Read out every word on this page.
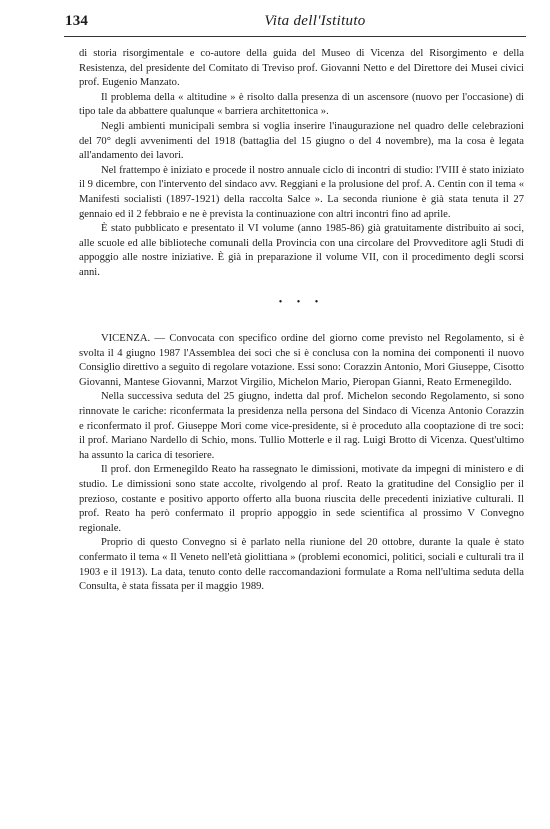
134	Vita dell'Istituto

di storia risorgimentale e co-autore della guida del Museo di Vicenza del Risorgimento e della Resistenza, del presidente del Comitato di Treviso prof. Giovanni Netto e del Direttore dei Musei civici prof. Eugenio Manzato.

Il problema della « altitudine » è risolto dalla presenza di un ascensore (nuovo per l'occasione) di tipo tale da abbattere qualunque « barriera architettonica ».

Negli ambienti municipali sembra si voglia inserire l'inaugurazione nel quadro delle celebrazioni del 70° degli avvenimenti del 1918 (battaglia del 15 giugno o del 4 novembre), ma la cosa è legata all'andamento dei lavori.

Nel frattempo è iniziato e procede il nostro annuale ciclo di incontri di studio: l'VIII è stato iniziato il 9 dicembre, con l'intervento del sindaco avv. Reggiani e la prolusione del prof. A. Centin con il tema « Manifesti socialisti (1897-1921) della raccolta Salce ». La seconda riunione è già stata tenuta il 27 gennaio ed il 2 febbraio e ne è prevista la continuazione con altri incontri fino ad aprile.

È stato pubblicato e presentato il VI volume (anno 1985-86) già gratuitamente distribuito ai soci, alle scuole ed alle biblioteche comunali della Provincia con una circolare del Provveditore agli Studi di appoggio alle nostre iniziative. È già in preparazione il volume VII, con il procedimento degli scorsi anni.

• • •

VICENZA. — Convocata con specifico ordine del giorno come previsto nel Regolamento, si è svolta il 4 giugno 1987 l'Assemblea dei soci che si è conclusa con la nomina dei componenti il nuovo Consiglio direttivo a seguito di regolare votazione. Essi sono: Corazzin Antonio, Mori Giuseppe, Cisotto Giovanni, Mantese Giovanni, Marzot Virgilio, Michelon Mario, Pieropan Gianni, Reato Ermenegildo.

Nella successiva seduta del 25 giugno, indetta dal prof. Michelon secondo Regolamento, si sono rinnovate le cariche: riconfermata la presidenza nella persona del Sindaco di Vicenza Antonio Corazzin e riconfermato il prof. Giuseppe Mori come vice-presidente, si è proceduto alla cooptazione di tre soci: il prof. Mariano Nardello di Schio, mons. Tullio Motterle e il rag. Luigi Brotto di Vicenza. Quest'ultimo ha assunto la carica di tesoriere.

Il prof. don Ermenegildo Reato ha rassegnato le dimissioni, motivate da impegni di ministero e di studio. Le dimissioni sono state accolte, rivolgendo al prof. Reato la gratitudine del Consiglio per il prezioso, costante e positivo apporto offerto alla buona riuscita delle precedenti iniziative culturali. Il prof. Reato ha però confermato il proprio appoggio in sede scientifica al prossimo V Convegno regionale.

Proprio di questo Convegno si è parlato nella riunione del 20 ottobre, durante la quale è stato confermato il tema « Il Veneto nell'età giolittiana » (problemi economici, politici, sociali e culturali tra il 1903 e il 1913). La data, tenuto conto delle raccomandazioni formulate a Roma nell'ultima seduta della Consulta, è stata fissata per il maggio 1989.
